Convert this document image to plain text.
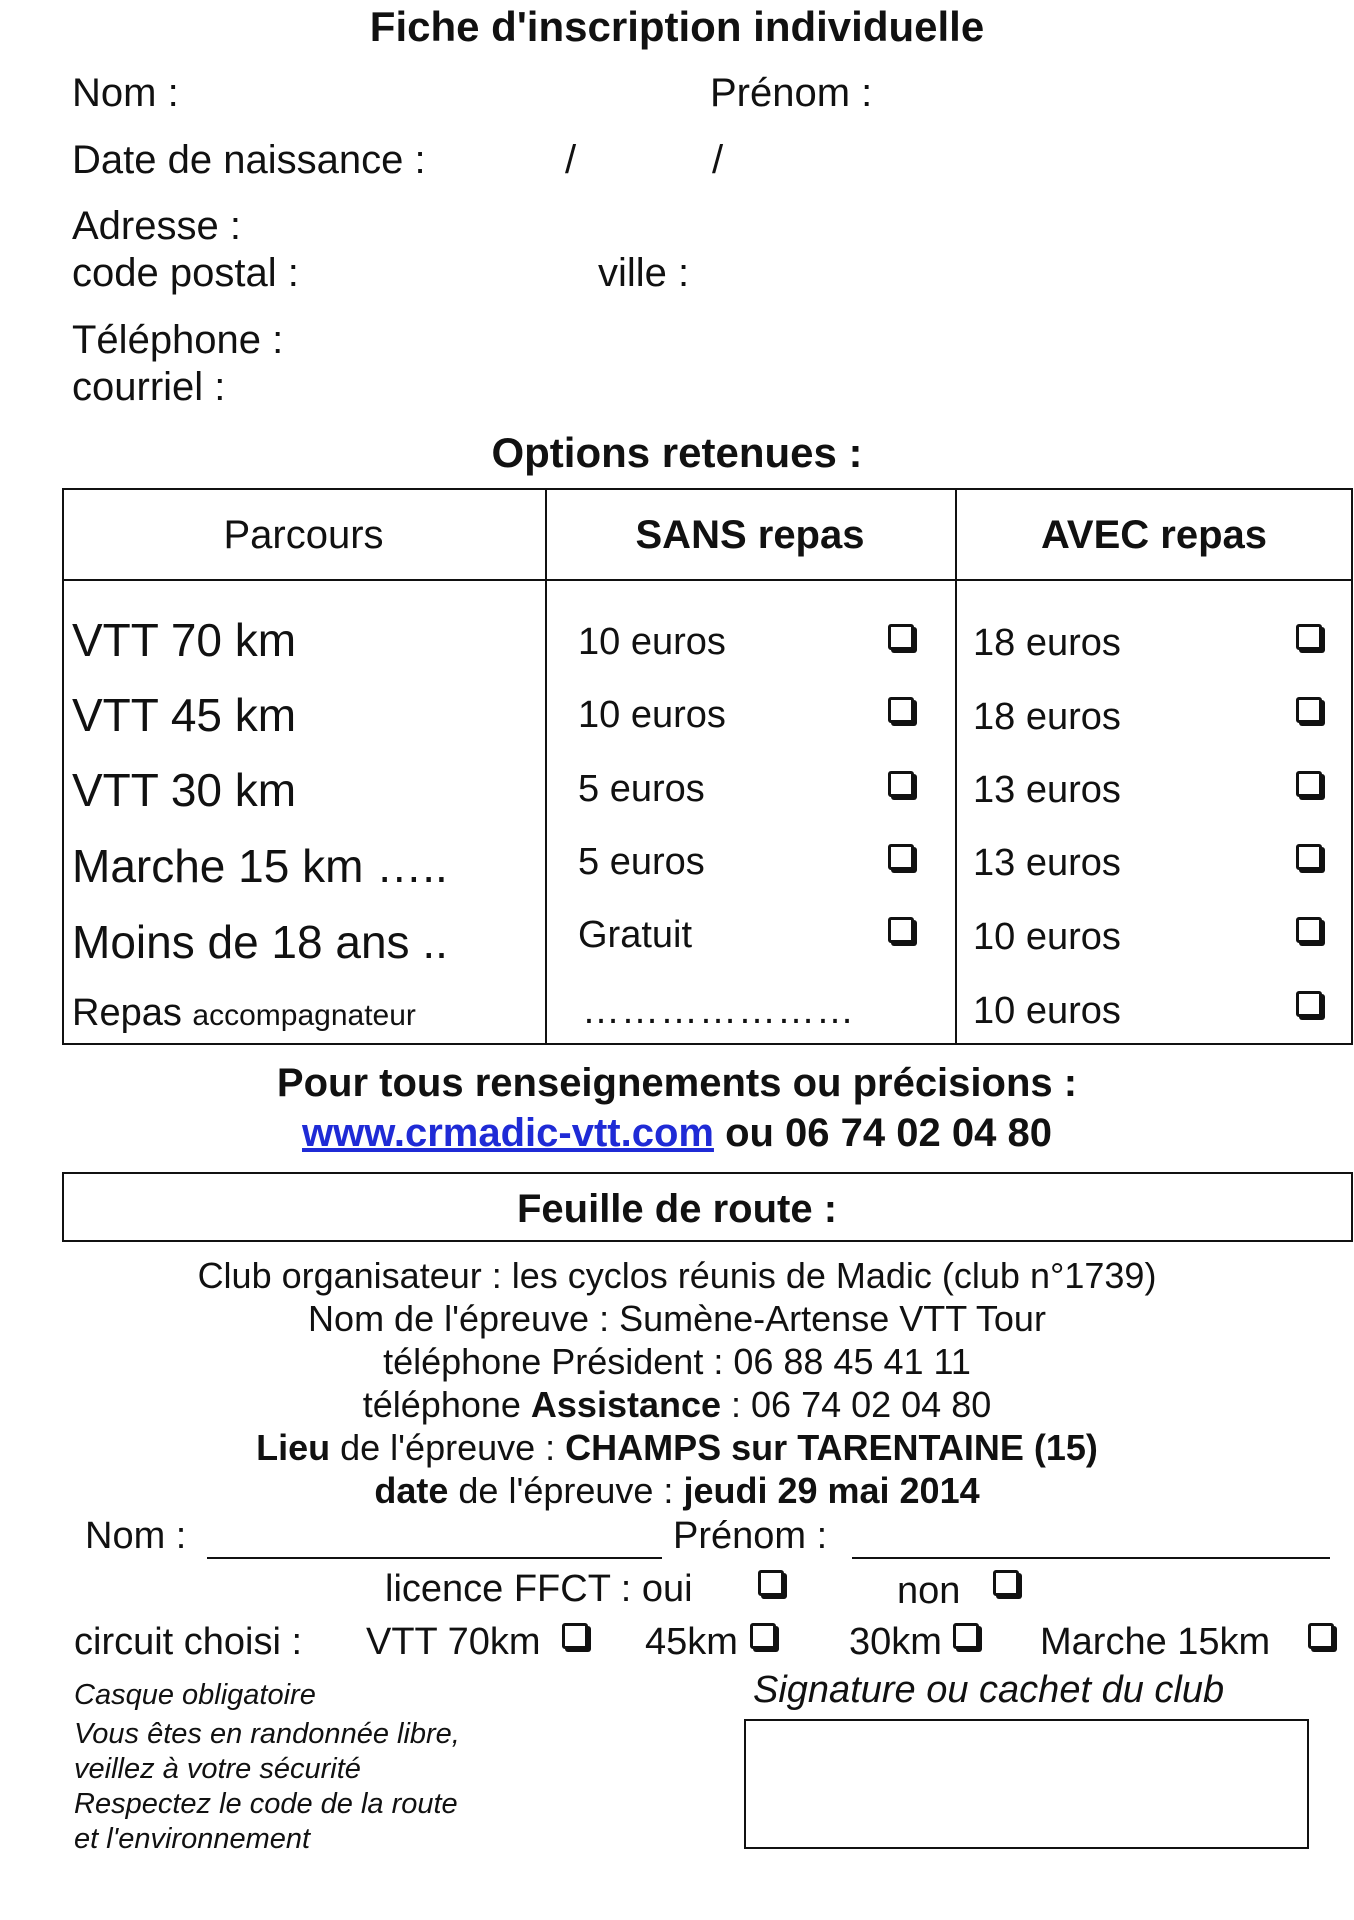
Fiche d'inscription individuelle
Nom :	Prénom :
Date de naissance :	/	/
Adresse :
code postal :	ville :
Téléphone :
courriel :
Options retenues :
Parcours	SANS repas	AVEC repas
VTT 70 km	10 euros	18 euros
VTT 45 km	10 euros	18 euros
VTT 30 km	5 euros	13 euros
Marche 15 km …..	5 euros	13 euros
Moins de 18 ans ..	Gratuit	10 euros
Repas accompagnateur	…………………	10 euros
Pour tous renseignements ou précisions :
www.crmadic-vtt.com ou 06 74 02 04 80
Feuille de route :
Club organisateur : les cyclos réunis de Madic (club n°1739)
Nom de l'épreuve : Sumène-Artense VTT Tour
téléphone Président : 06 88 45 41 11
téléphone Assistance : 06 74 02 04 80
Lieu de l'épreuve : CHAMPS sur TARENTAINE (15)
date de l'épreuve : jeudi 29 mai 2014
Nom :	Prénom :
licence FFCT : oui	non
circuit choisi : VTT 70km	45km	30km	Marche 15km
Casque obligatoire
Vous êtes en randonnée libre,
veillez à votre sécurité
Respectez le code de la route
et l'environnement
Signature ou cachet du club
